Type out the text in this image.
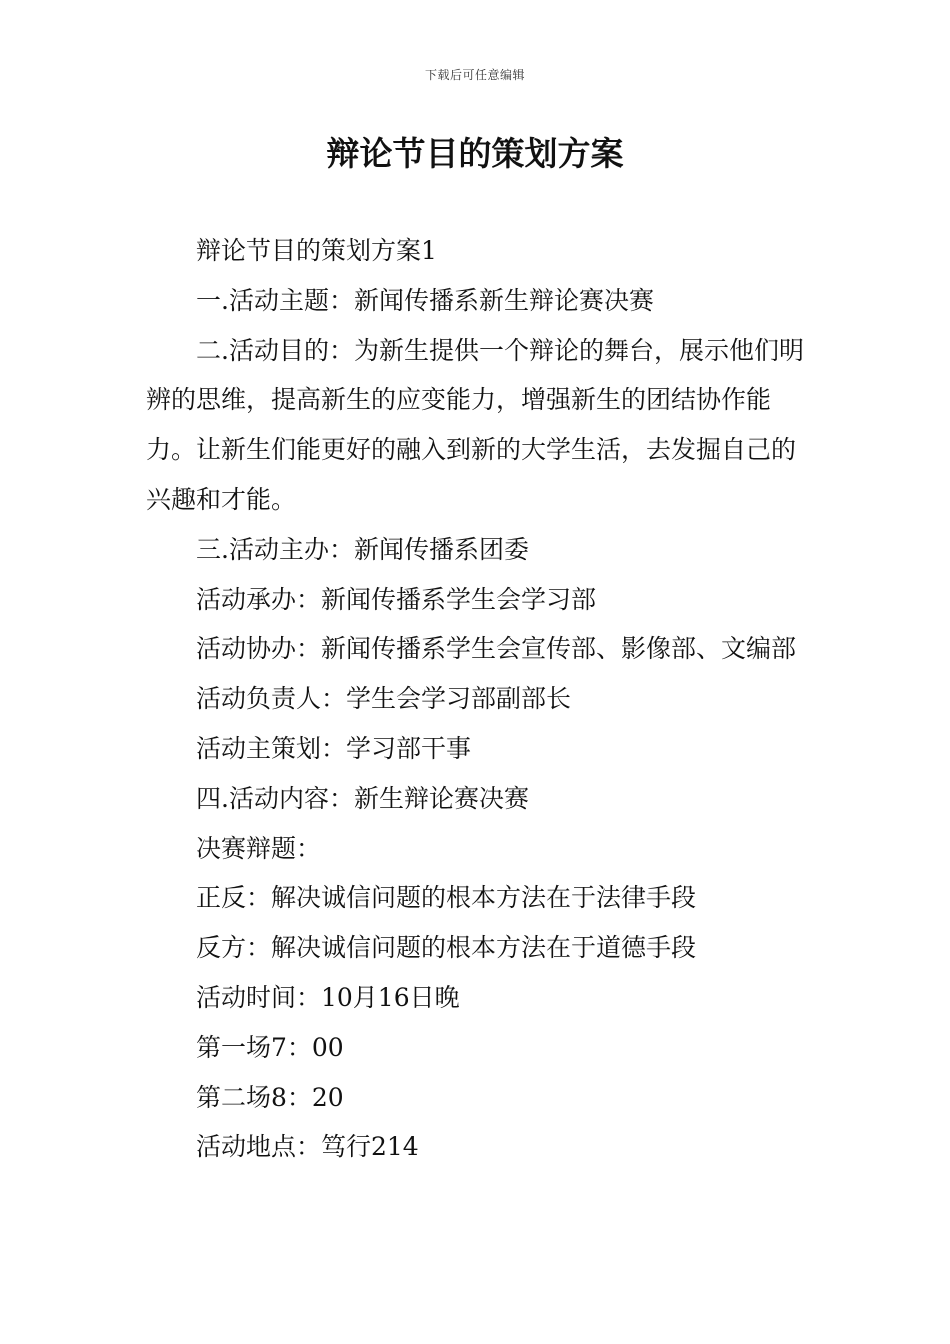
下载后可任意编辑
辩论节目的策划方案

辩论节目的策划方案1

一.活动主题：新闻传播系新生辩论赛决赛

二.活动目的：为新生提供一个辩论的舞台，展示他们明辨的思维，提高新生的应变能力，增强新生的团结协作能力。让新生们能更好的融入到新的大学生活，去发掘自己的兴趣和才能。

三.活动主办：新闻传播系团委

活动承办：新闻传播系学生会学习部

活动协办：新闻传播系学生会宣传部、影像部、文编部

活动负责人：学生会学习部副部长

活动主策划：学习部干事

四.活动内容：新生辩论赛决赛

决赛辩题：

正反：解决诚信问题的根本方法在于法律手段

反方：解决诚信问题的根本方法在于道德手段

活动时间：10月16日晚

第一场7：00

第二场8：20

活动地点：笃行214
